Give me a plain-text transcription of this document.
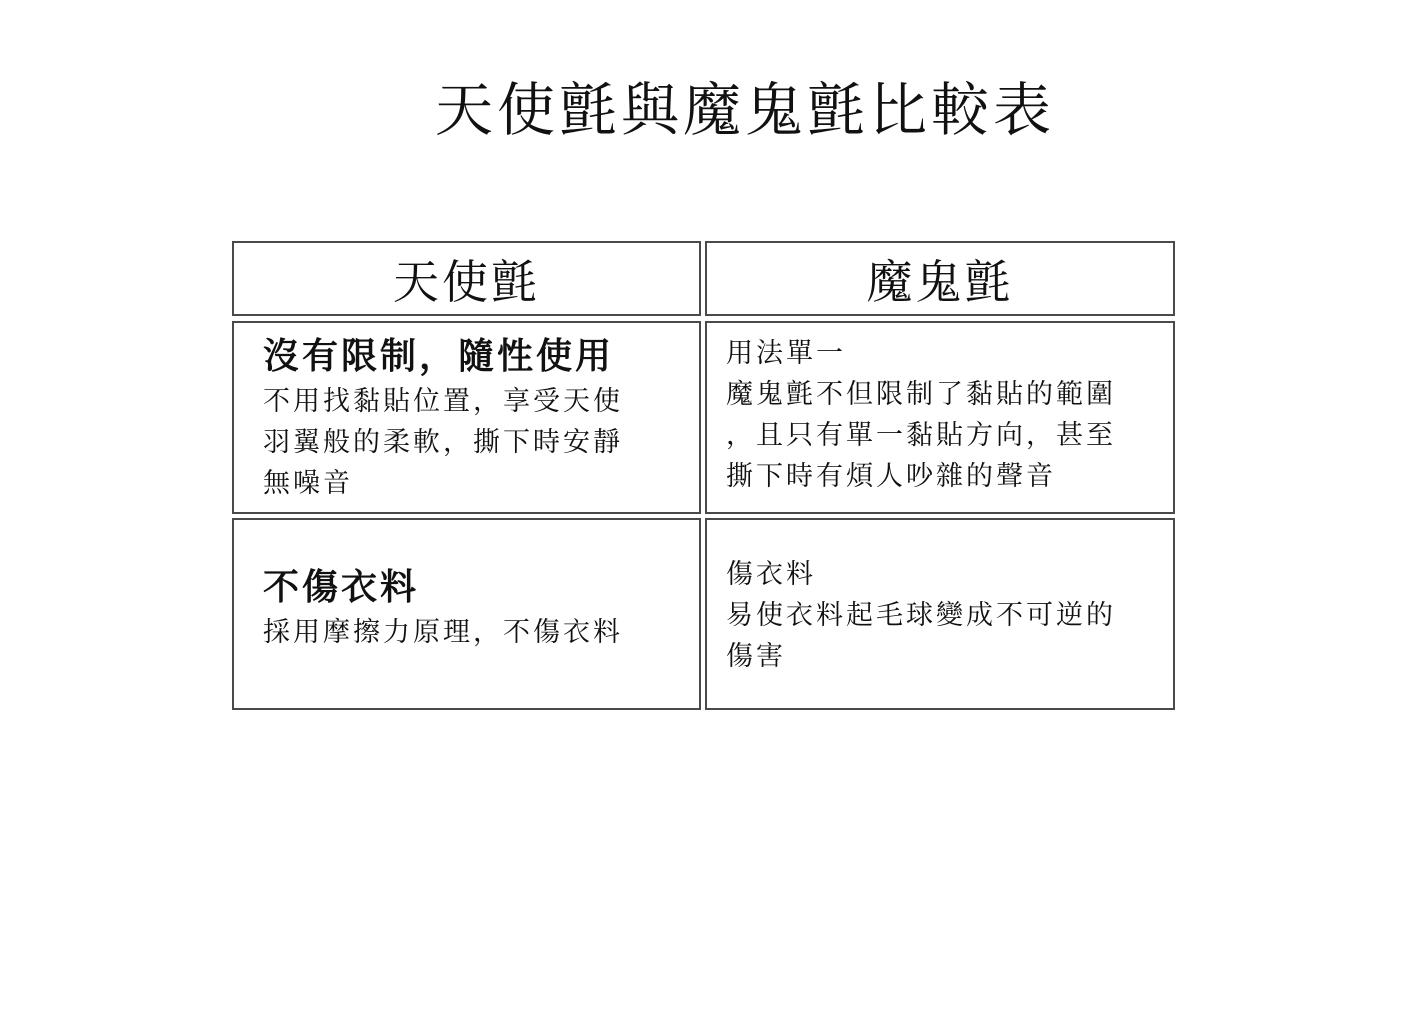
天使氈與魔鬼氈比較表
天使氈	魔鬼氈

沒有限制，隨性使用

不用找黏貼位置，享受天使

羽翼般的柔軟，撕下時安靜

無噪音

用法單一

魔鬼氈不但限制了黏貼的範圍

，且只有單一黏貼方向，甚至

撕下時有煩人吵雜的聲音

不傷衣料

採用摩擦力原理，不傷衣料

傷衣料

易使衣料起毛球變成不可逆的

傷害
